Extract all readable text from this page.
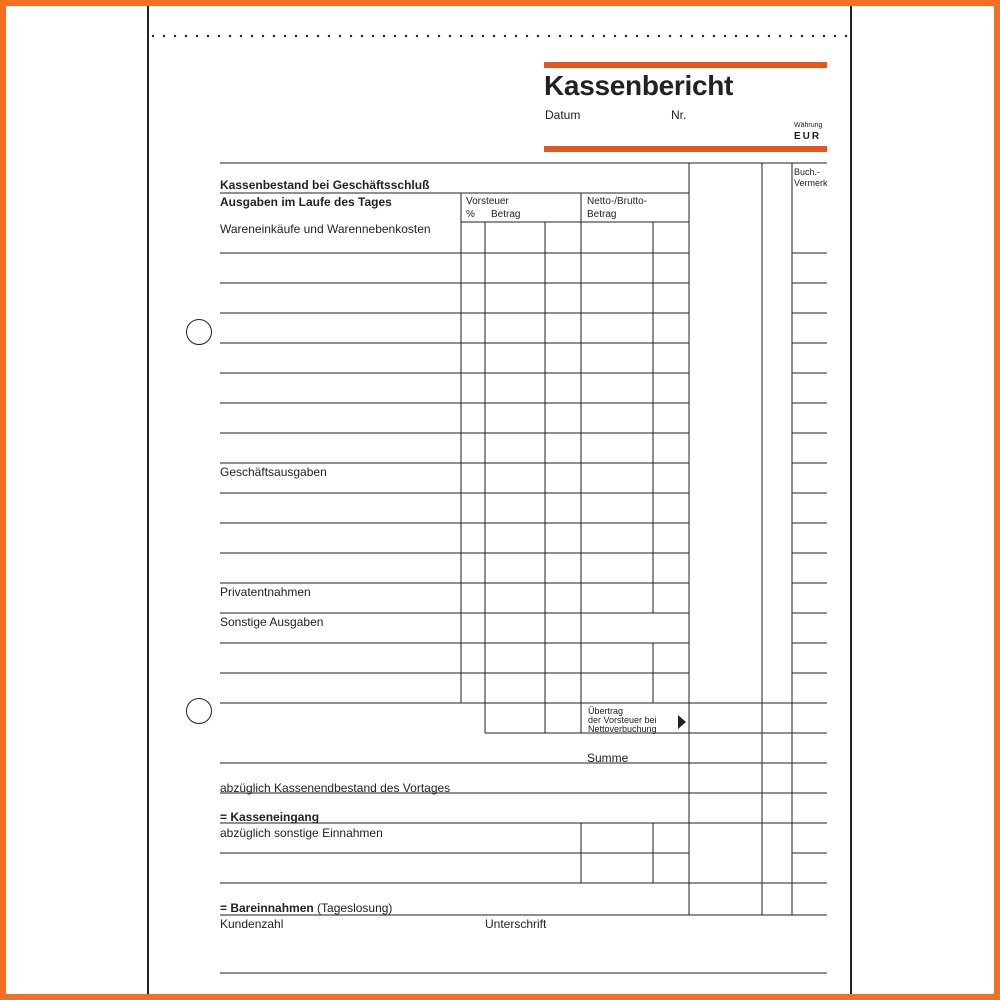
Kassenbericht
Datum	Nr.
Währung
EUR
Buch.-
Vermerk
Vorsteuer
% Betrag
Netto-/Brutto-
Betrag
Kassenbestand bei Geschäftsschluß
Ausgaben im Laufe des Tages
Wareneinkäufe und Warennebenkosten
Geschäftsausgaben
Privatentnahmen
Sonstige Ausgaben
Übertrag
der Vorsteuer bei
Nettoverbuchung
Summe
abzüglich Kassenendbestand des Vortages
= Kasseneingang
abzüglich sonstige Einnahmen
= Bareinnahmen (Tageslosung)
Kundenzahl	Unterschrift
